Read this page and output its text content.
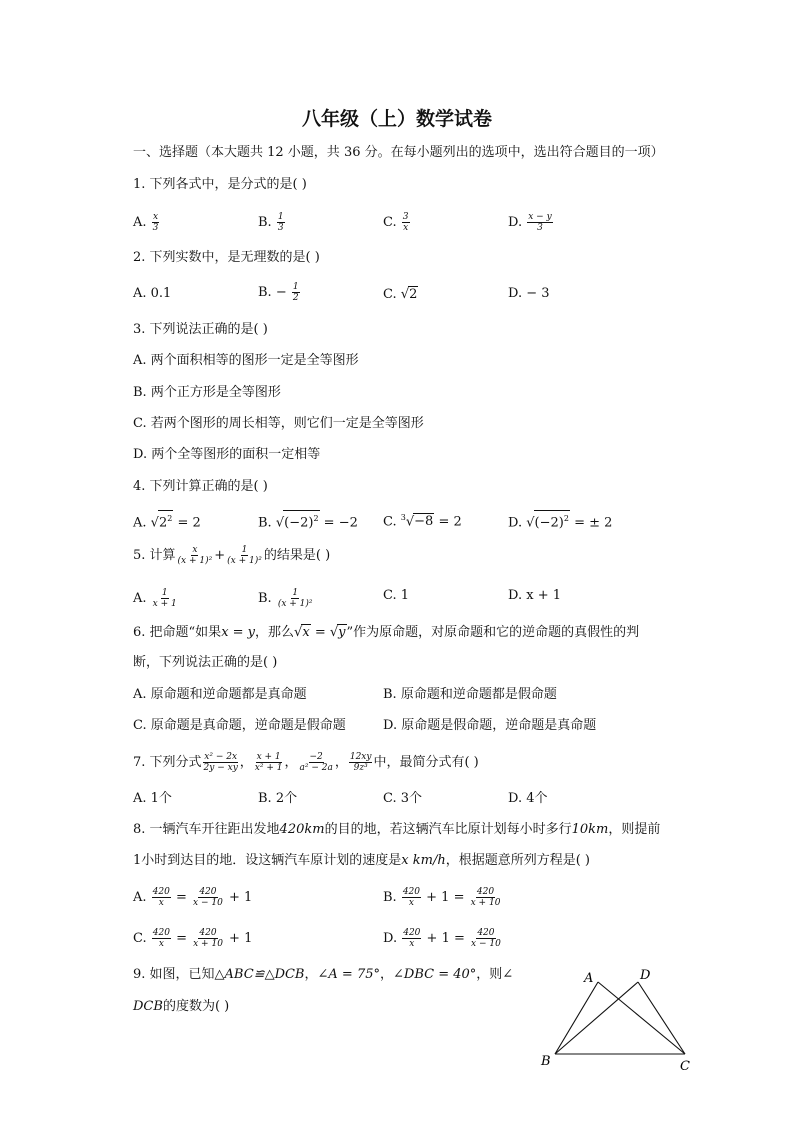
八年级（上）数学试卷
一、选择题（本大题共 12 小题，共 36 分。在每小题列出的选项中，选出符合题目的一项）
1. 下列各式中，是分式的是( )
A. $\frac{x}{3}$	B. $\frac{1}{3}$	C. $\frac{3}{x}$	D. $\frac{x - y}{3}$
2. 下列实数中，是无理数的是( )
A. 0.1	B. − $\frac{1}{2}$	C. √2	D. − 3
3. 下列说法正确的是( )
A. 两个面积相等的图形一定是全等图形
B. 两个正方形是全等图形
C. 若两个图形的周长相等，则它们一定是全等图形
D. 两个全等图形的面积一定相等
4. 下列计算正确的是( )
A. $√2^2 = 2$	B. $√(-2)^2 = -2$ C. $^3$√−8 = 2	D. $√(-2)^2$ = ± 2
5. 计算 $\frac{x}{\text{(x + 1)²}} + \frac{1}{\text{(x + 1)²}}$ 的结果是( )
A. $\frac{1}{x + 1}$	B. $\frac{1}{\text{(x + 1)²}}$	C. 1	D. x + 1
6. 把命题“如果x = y，那么√x = √y”作为原命题，对原命题和它的逆命题的真假性的判
断，下列说法正确的是( )
A. 原命题和逆命题都是真命题	B. 原命题和逆命题都是假命题
C. 原命题是真命题，逆命题是假命题	D. 原命题是假命题，逆命题是真命题
7. 下列分式 $\frac{\text{x² − 2x}}{2y - xy}$ ， $\frac{x + 1}{\text{x² + 1}}$ ， $\frac{-2}{\text{a² − 2a}}$ ， $\frac{12xy}{\text{9z³}}$ 中，最简分式有( )
A. 1个	B. 2个	C. 3个	D. 4个
8. 一辆汽车开往距出发地420km的目的地，若这辆汽车比原计划每小时多行10km，则提前
1小时到达目的地．设这辆汽车原计划的速度是x km/h，根据题意所列方程是( )
A. $\frac{420}{x} = \frac{420}{x - 10} + 1$	B. $\frac{420}{x} + 1 = \frac{420}{x + 10}$
C. $\frac{420}{x} = \frac{420}{x + 10} + 1$	D. $\frac{420}{x} + 1 = \frac{420}{x - 10}$
9. 如图，已知△ABC≌△DCB，∠A = 75°，∠DBC = 40°，则∠
DCB的度数为( )
A	D
B	C
